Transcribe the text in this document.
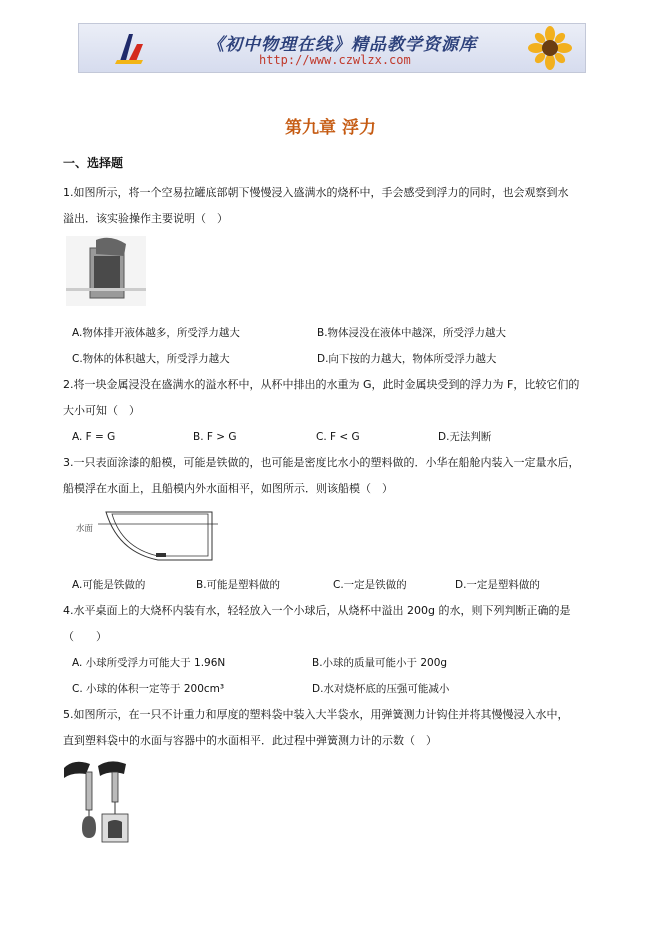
《初中物理在线》精品教学资源库
http://www.czwlzx.com
第九章 浮力
一、选择题
1.如图所示，将一个空易拉罐底部朝下慢慢浸入盛满水的烧杯中，手会感受到浮力的同时，也会观察到水
溢出．该实验操作主要说明（　）
A.物体排开液体越多，所受浮力越大	B.物体浸没在液体中越深，所受浮力越大
C.物体的体积越大，所受浮力越大	D.向下按的力越大，物体所受浮力越大
2.将一块金属浸没在盛满水的溢水杯中，从杯中排出的水重为 G，此时金属块受到的浮力为 F，比较它们的
大小可知（　）
A. F = G	B. F > G	C. F < G	D.无法判断
3.一只表面涂漆的船模，可能是铁做的，也可能是密度比水小的塑料做的．小华在船舱内装入一定量水后，
船模浮在水面上，且船模内外水面相平，如图所示．则该船模（　）
水面
A.可能是铁做的	B.可能是塑料做的	C.一定是铁做的	D.一定是塑料做的
4.水平桌面上的大烧杯内装有水，轻轻放入一个小球后，从烧杯中溢出 200g 的水，则下列判断正确的是
（　　）
A. 小球所受浮力可能大于 1.96N	B.小球的质量可能小于 200g
C. 小球的体积一定等于 200cm³	D.水对烧杯底的压强可能减小
5.如图所示，在一只不计重力和厚度的塑料袋中装入大半袋水，用弹簧测力计钩住并将其慢慢浸入水中，
直到塑料袋中的水面与容器中的水面相平．此过程中弹簧测力计的示数（　）
